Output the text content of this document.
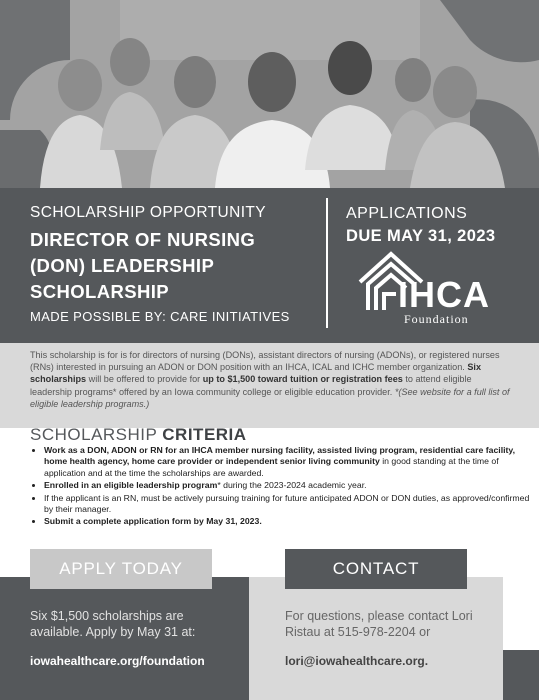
SCHOLARSHIP OPPORTUNITY
DIRECTOR OF NURSING
(DON) LEADERSHIP
SCHOLARSHIP
MADE POSSIBLE BY: CARE INITIATIVES
APPLICATIONS
DUE MAY 31, 2023
IHCA
Foundation
This scholarship is for is for directors of nursing (DONs), assistant directors of nursing (ADONs), or registered nurses (RNs) interested in pursuing an ADON or DON position with an IHCA, ICAL and ICHC member organization. Six scholarships will be offered to provide for up to $1,500 toward tuition or registration fees to attend eligible leadership programs* offered by an Iowa community college or eligible education provider. *(See website for a full list of eligible leadership programs.)
SCHOLARSHIP CRITERIA
• Work as a DON, ADON or RN for an IHCA member nursing facility, assisted living program, residential care facility, home health agency, home care provider or independent senior living community in good standing at the time of application and at the time the scholarships are awarded.
• Enrolled in an eligible leadership program* during the 2023-2024 academic year.
• If the applicant is an RN, must be actively pursuing training for future anticipated ADON or DON duties, as approved/confirmed by their manager.
• Submit a complete application form by May 31, 2023.
APPLY TODAY	CONTACT
Six $1,500 scholarships are available. Apply by May 31 at:
iowahealthcare.org/foundation
For questions, please contact Lori Ristau at 515-978-2204 or
lori@iowahealthcare.org.
